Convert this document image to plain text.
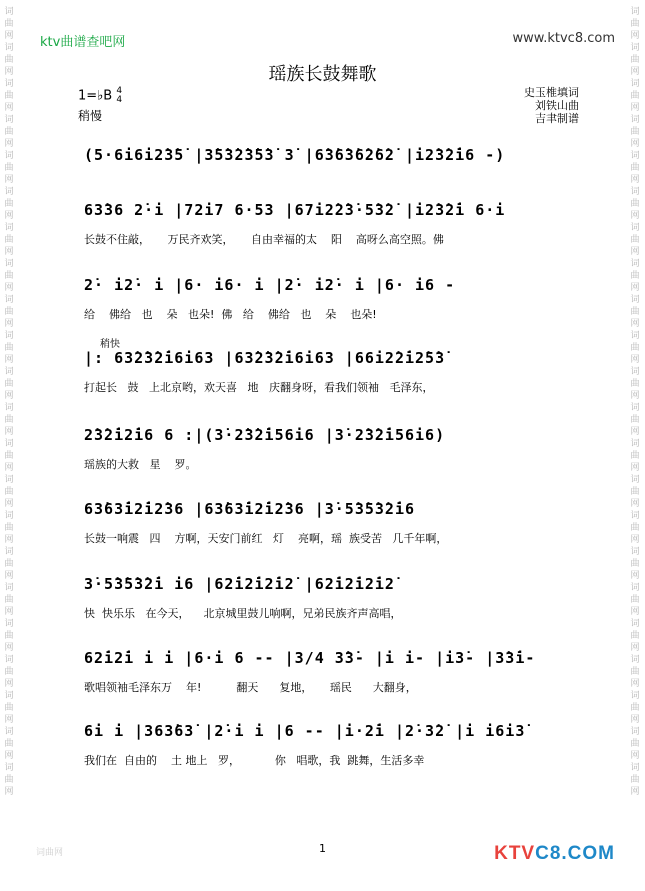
词曲网词曲网词曲网词曲网词曲网词曲网词曲网词曲网词曲网词曲网词曲网词曲网词曲网词曲网词曲网词曲网词曲网词曲网词曲网词曲网词曲网词曲网
词曲网词曲网词曲网词曲网词曲网词曲网词曲网词曲网词曲网词曲网词曲网词曲网词曲网词曲网词曲网词曲网词曲网词曲网词曲网词曲网词曲网词曲网
ktv曲谱查吧网	www.ktvc8.com
瑶族长鼓舞歌
1=♭B 4
4
稍慢
史玉椎填词
刘铁山曲
吉聿制谱
稍快
(5·6i6i2̇3̇5̇ |3̇5̇3̇2̇3̇5̇3̇ 3̇ |6̇3̇6̇3̇6̇2̇6̇2̇ |i2̇3̇2̇i6 -)
63̇36 2̇·i |72i7 6·53 |67i2̇2̇3̇·5̇3̇2̇ |i2̇3̇2̇i 6·i
长鼓不住敲，     万民齐欢笑，     自由幸福的太    阳    高呀么高空照。佛
2̇· i2̇· i |6· i6· i |2̇· i2̇· i |6· i6 -
给    佛给   也    朵   也朵!  佛   给    佛给   也    朵    也朵!
|: 63̇2̇3̇2̇i6i63 |63̇2̇3̇2̇i6i63 |66i2̇2̇i2̇5̇3̇
打起长   鼓   上北京哟，欢天喜   地   庆翻身呀，看我们领袖   毛泽东，
2̇3̇2̇i2̇i6 6 :|(3̇·2̇3̇2̇i56i6 |3̇·2̇3̇2̇i56i6)
瑶族的大救   星    罗。
63̇63̇i2̇i2̇36 |63̇63̇i2̇i2̇36 |3̇·5̇3̇5̇3̇2̇i6
长鼓一响震   四    方啊，天安门前红   灯    亮啊，瑶  族受苦   几千年啊，
3̇·5̇3̇5̇3̇2̇i i6 |62̇i2̇i2̇i2̇ |62̇i2̇i2̇i2̇
快  快乐乐   在今天，    北京城里鼓儿响啊，兄弟民族齐声高唱，
62̇i2̇i i i |6·i 6 -- |3/4 3̇3̇- |i i- |i3̇- |3̇3̇i-
歌唱领袖毛泽东万    年!          翻天      复地，     瑶民      大翻身，
6i i |363̇63̇ |2̇·i i |6 -- |i·2̇i |2̇·3̇2̇ |i i6i3̇
我们在  自由的    土 地上   罗，          你   唱歌，我  跳舞，生活多幸
1
词曲网	KTVC8.COM
